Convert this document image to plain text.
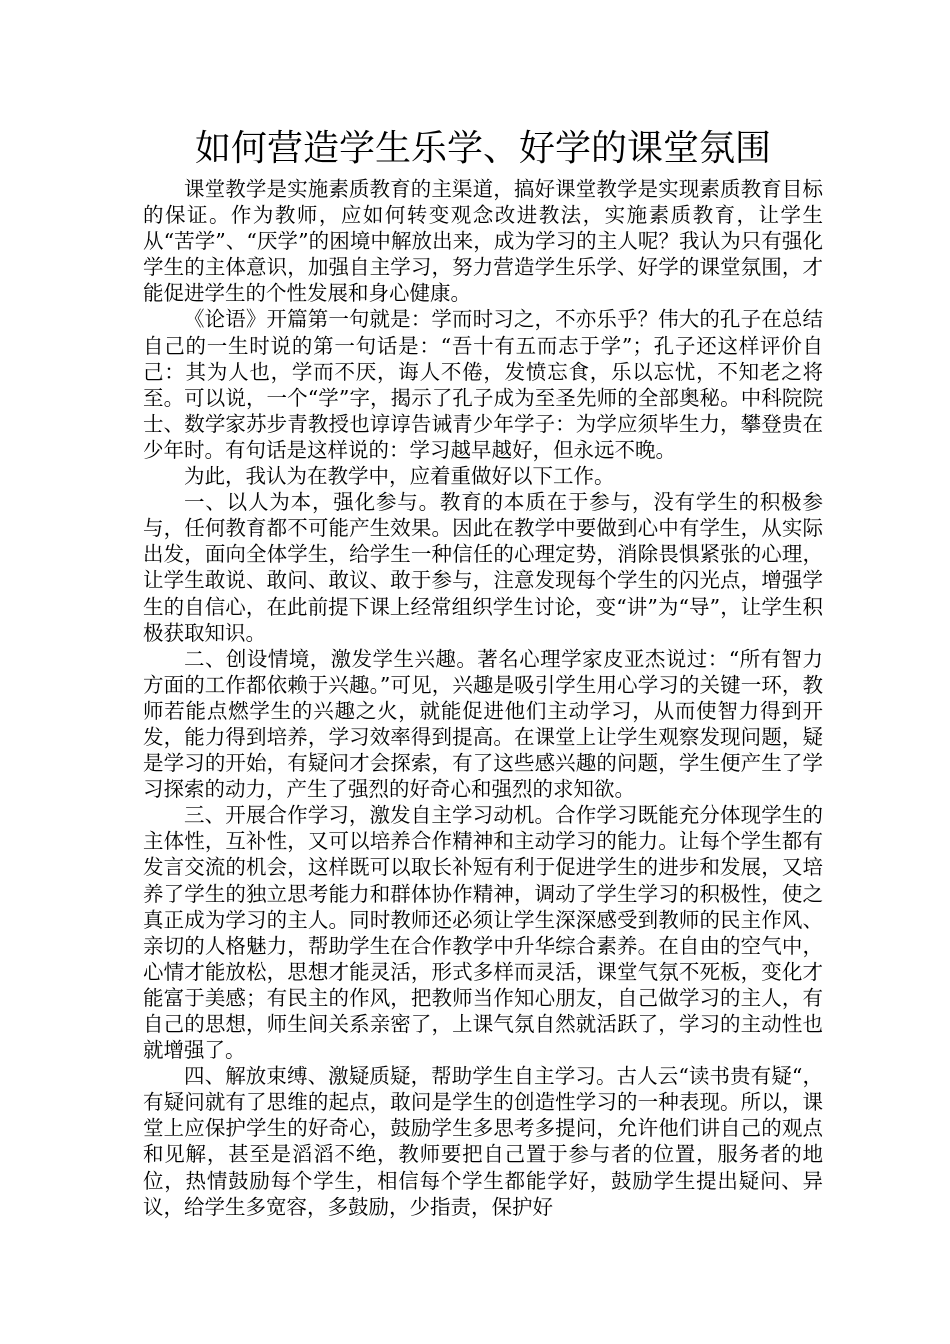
如何营造学生乐学、好学的课堂氛围

课堂教学是实施素质教育的主渠道，搞好课堂教学是实现素质教育目标的保证。作为教师，应如何转变观念改进教法，实施素质教育，让学生从“苦学”、“厌学”的困境中解放出来，成为学习的主人呢？我认为只有强化学生的主体意识，加强自主学习，努力营造学生乐学、好学的课堂氛围，才能促进学生的个性发展和身心健康。

《论语》开篇第一句就是：学而时习之，不亦乐乎？伟大的孔子在总结自己的一生时说的第一句话是：“吾十有五而志于学”；孔子还这样评价自己：其为人也，学而不厌，诲人不倦，发愤忘食，乐以忘忧，不知老之将至。可以说，一个“学”字，揭示了孔子成为至圣先师的全部奥秘。中科院院士、数学家苏步青教授也谆谆告诫青少年学子：为学应须毕生力，攀登贵在少年时。有句话是这样说的：学习越早越好，但永远不晚。

为此，我认为在教学中，应着重做好以下工作。

一、以人为本，强化参与。教育的本质在于参与，没有学生的积极参与，任何教育都不可能产生效果。因此在教学中要做到心中有学生，从实际出发，面向全体学生，给学生一种信任的心理定势，消除畏惧紧张的心理，让学生敢说、敢问、敢议、敢于参与，注意发现每个学生的闪光点，增强学生的自信心，在此前提下课上经常组织学生讨论，变“讲”为“导”，让学生积极获取知识。

二、创设情境，激发学生兴趣。著名心理学家皮亚杰说过：“所有智力方面的工作都依赖于兴趣。”可见，兴趣是吸引学生用心学习的关键一环，教师若能点燃学生的兴趣之火，就能促进他们主动学习，从而使智力得到开发，能力得到培养，学习效率得到提高。在课堂上让学生观察发现问题，疑是学习的开始，有疑问才会探索，有了这些感兴趣的问题，学生便产生了学习探索的动力，产生了强烈的好奇心和强烈的求知欲。

三、开展合作学习，激发自主学习动机。合作学习既能充分体现学生的主体性，互补性，又可以培养合作精神和主动学习的能力。让每个学生都有发言交流的机会，这样既可以取长补短有利于促进学生的进步和发展，又培养了学生的独立思考能力和群体协作精神，调动了学生学习的积极性，使之真正成为学习的主人。同时教师还必须让学生深深感受到教师的民主作风、亲切的人格魅力，帮助学生在合作教学中升华综合素养。在自由的空气中，心情才能放松，思想才能灵活，形式多样而灵活，课堂气氛不死板，变化才能富于美感；有民主的作风，把教师当作知心朋友，自己做学习的主人，有自己的思想，师生间关系亲密了，上课气氛自然就活跃了，学习的主动性也就增强了。

四、解放束缚、激疑质疑，帮助学生自主学习。古人云“读书贵有疑“，有疑问就有了思维的起点，敢问是学生的创造性学习的一种表现。所以，课堂上应保护学生的好奇心，鼓励学生多思考多提问，允许他们讲自己的观点和见解，甚至是滔滔不绝，教师要把自己置于参与者的位置，服务者的地位，热情鼓励每个学生，相信每个学生都能学好，鼓励学生提出疑问、异议，给学生多宽容，多鼓励，少指责，保护好
